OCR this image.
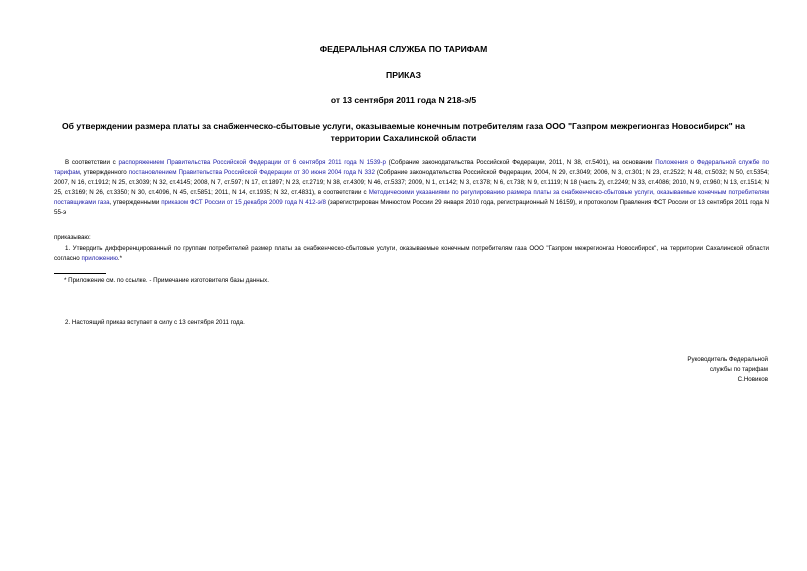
ФЕДЕРАЛЬНАЯ СЛУЖБА ПО ТАРИФАМ

ПРИКАЗ

от 13 сентября 2011 года N 218-э/5

Об утверждении размера платы за снабженческо-сбытовые услуги, оказываемые конечным потребителям газа ООО "Газпром межрегионгаз Новосибирск" на
территории Сахалинской области

В соответствии с распоряжением Правительства Российской Федерации от 6 сентября 2011 года N 1539-р (Собрание законодательства Российской Федерации, 2011, N 38, ст.5401), на основании Положения о Федеральной службе по тарифам, утвержденного постановлением Правительства Российской Федерации от 30 июня 2004 года N 332 (Собрание законодательства Российской Федерации, 2004, N 29, ст.3049; 2006, N 3, ст.301; N 23, ст.2522; N 48, ст.5032; N 50, ст.5354; 2007, N 16, ст.1912; N 25, ст.3039; N 32, ст.4145; 2008, N 7, ст.597; N 17, ст.1897; N 23, ст.2719; N 38, ст.4309; N 46, ст.5337; 2009, N 1, ст.142; N 3, ст.378; N 6, ст.738; N 9, ст.1119; N 18 (часть 2), ст.2249; N 33, ст.4086; 2010, N 9, ст.960; N 13, ст.1514; N 25, ст.3169; N 26, ст.3350; N 30, ст.4096, N 45, ст.5851; 2011, N 14, ст.1935; N 32, ст.4831), в соответствии с Методическими указаниями по регулированию размера платы за снабженческо-сбытовые услуги, оказываемые конечным потребителям поставщиками газа, утвержденными приказом ФСТ России от 15 декабря 2009 года N 412-э/8 (зарегистрирован Минюстом России 29 января 2010 года, регистрационный N 16159), и протоколом Правления ФСТ России от 13 сентября 2011 года N 55-э

приказываю:

1. Утвердить дифференцированный по группам потребителей размер платы за снабженческо-сбытовые услуги, оказываемые конечным потребителям газа ООО "Газпром межрегионгаз Новосибирск", на территории Сахалинской области согласно приложению.*

* Приложение см. по ссылке. - Примечание изготовителя базы данных.

2. Настоящий приказ вступает в силу с 13 сентября 2011 года.

Руководитель Федеральной
службы по тарифам
С.Новиков
